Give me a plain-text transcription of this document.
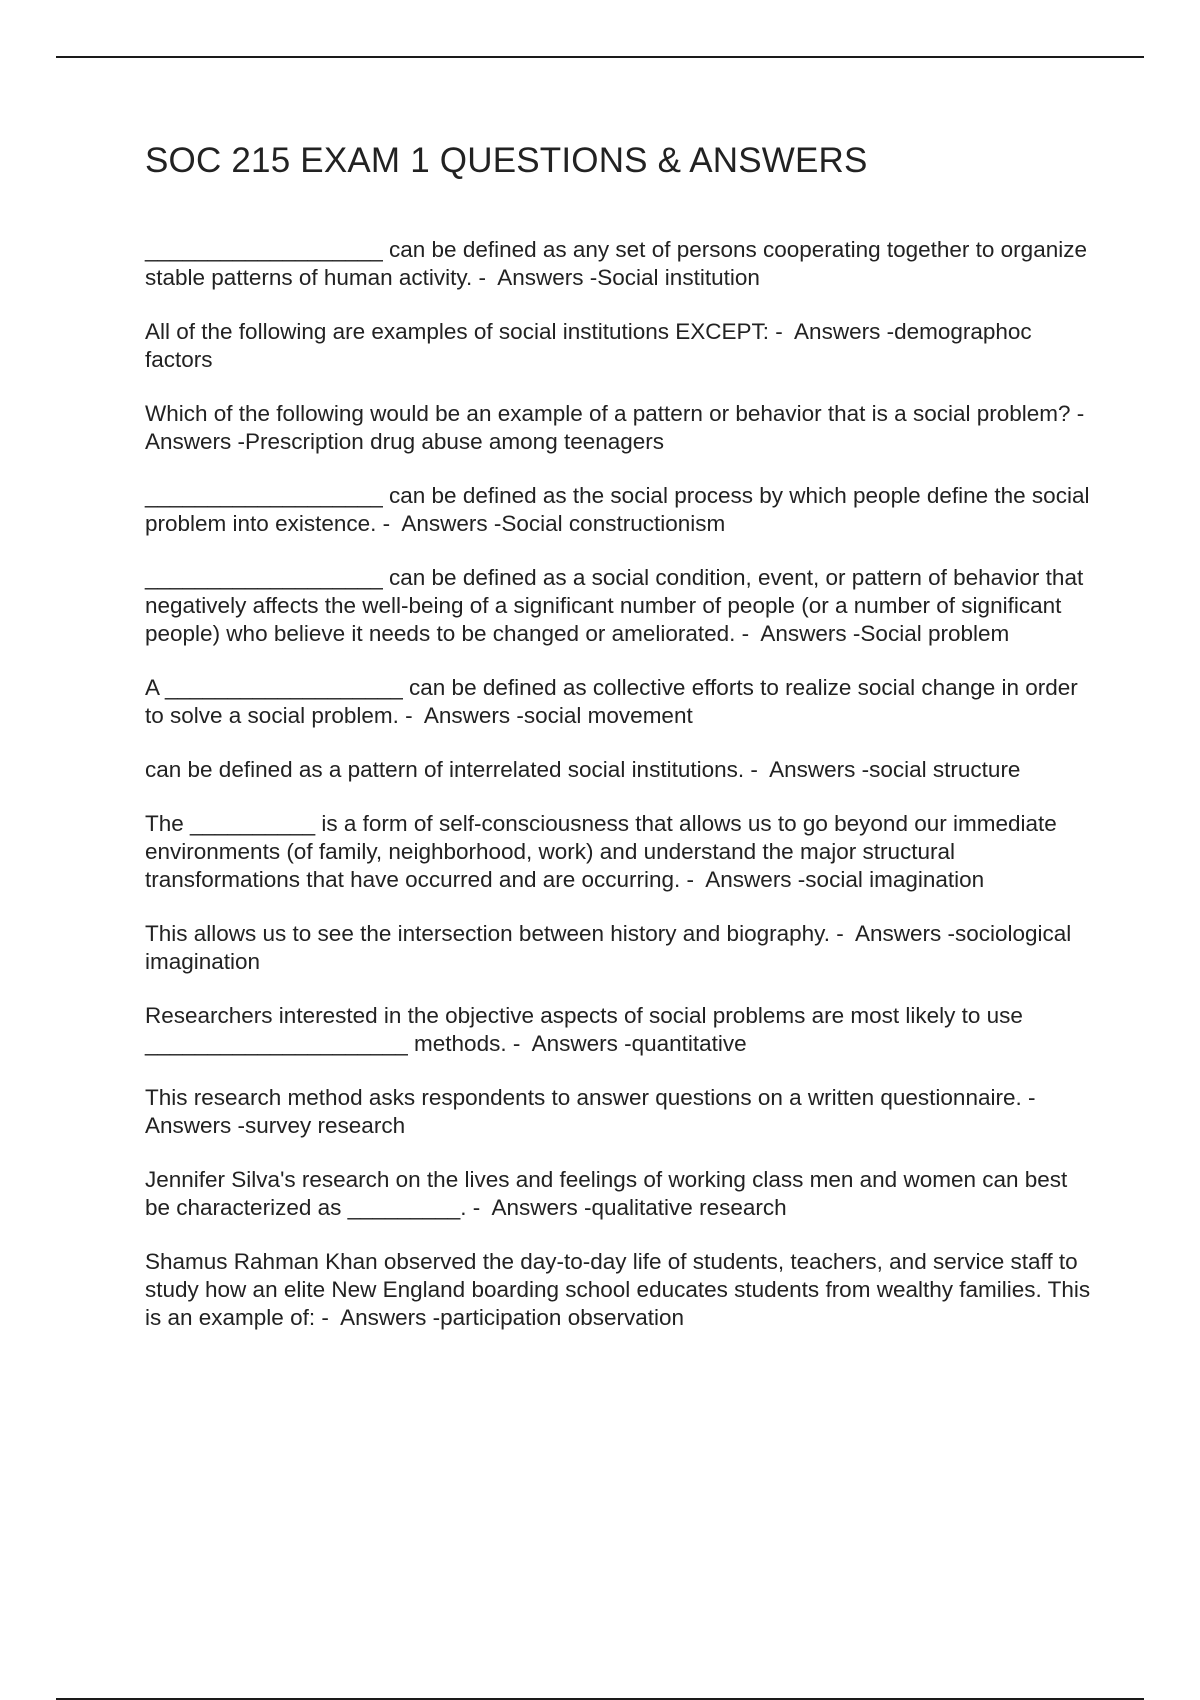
SOC 215 EXAM 1 QUESTIONS & ANSWERS

___________________ can be defined as any set of persons cooperating together to organize stable patterns of human activity. -  Answers -Social institution

All of the following are examples of social institutions EXCEPT: -  Answers -demographoc factors

Which of the following would be an example of a pattern or behavior that is a social problem? -  Answers -Prescription drug abuse among teenagers

___________________ can be defined as the social process by which people define the social problem into existence. -  Answers -Social constructionism

___________________ can be defined as a social condition, event, or pattern of behavior that negatively affects the well-being of a significant number of people (or a number of significant people) who believe it needs to be changed or ameliorated. -  Answers -Social problem

A ___________________ can be defined as collective efforts to realize social change in order to solve a social problem. -  Answers -social movement

can be defined as a pattern of interrelated social institutions. -  Answers -social structure

The __________ is a form of self-consciousness that allows us to go beyond our immediate environments (of family, neighborhood, work) and understand the major structural transformations that have occurred and are occurring. -  Answers -social imagination

This allows us to see the intersection between history and biography. -  Answers -sociological imagination

Researchers interested in the objective aspects of social problems are most likely to use _____________________ methods. -  Answers -quantitative

This research method asks respondents to answer questions on a written questionnaire. -  Answers -survey research

Jennifer Silva's research on the lives and feelings of working class men and women can best be characterized as _________. -  Answers -qualitative research

Shamus Rahman Khan observed the day-to-day life of students, teachers, and service staff to study how an elite New England boarding school educates students from wealthy families. This is an example of: -  Answers -participation observation
